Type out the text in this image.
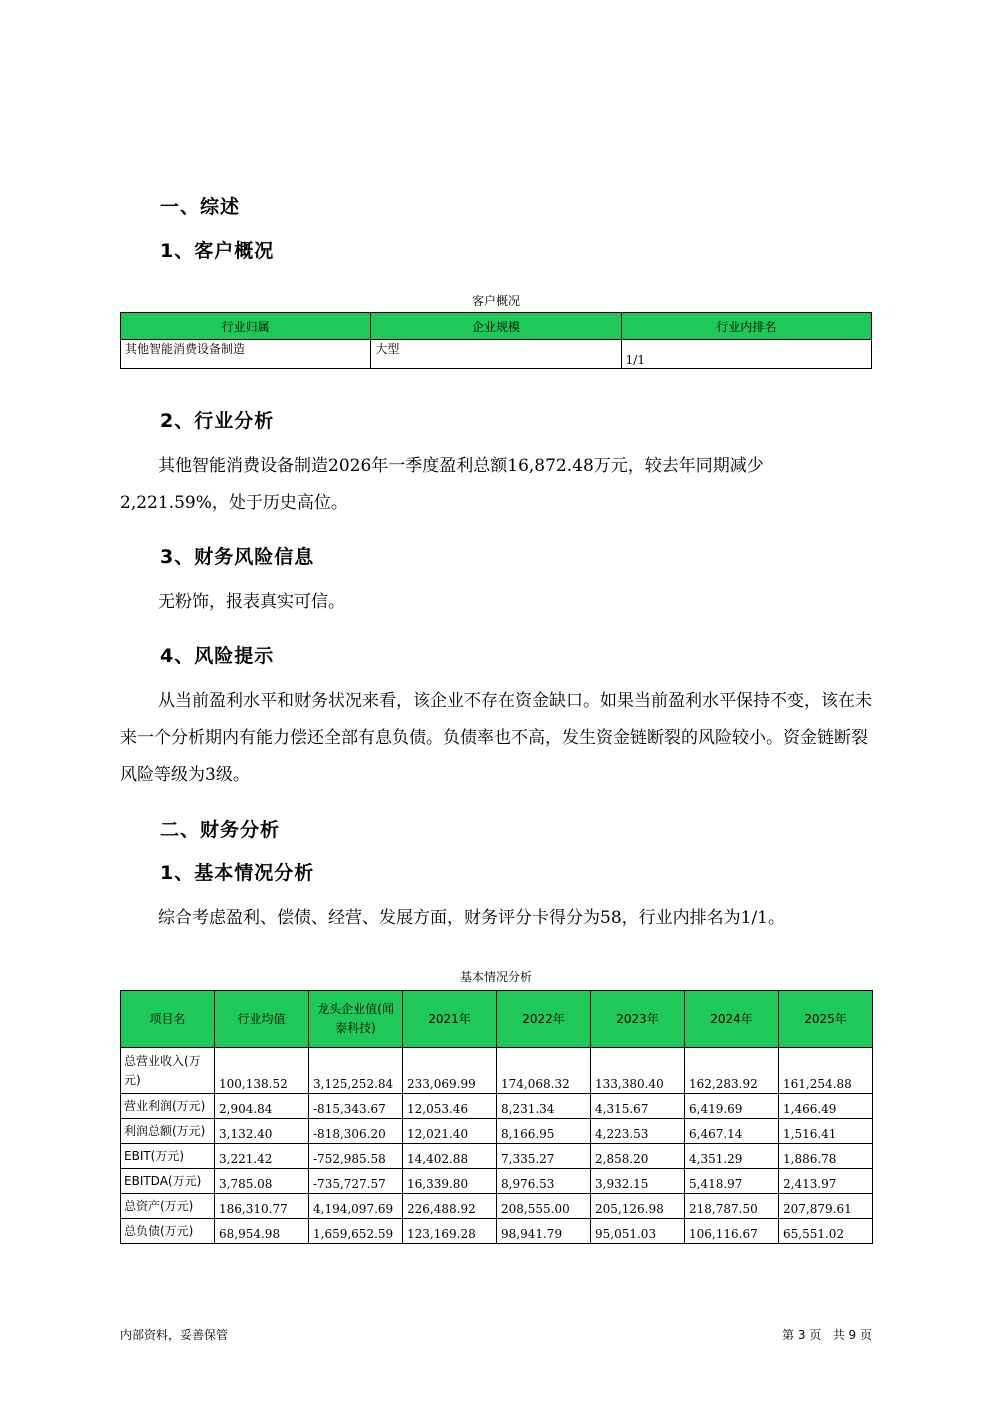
一、综述
1、客户概况
客户概况
行业归属	企业规模	行业内排名
其他智能消费设备制造	大型	1/1
2、行业分析
其他智能消费设备制造2026年一季度盈利总额16,872.48万元，较去年同期减少2,221.59%，处于历史高位。
3、财务风险信息
无粉饰，报表真实可信。
4、风险提示
从当前盈利水平和财务状况来看，该企业不存在资金缺口。如果当前盈利水平保持不变，该在未来一个分析期内有能力偿还全部有息负债。负债率也不高，发生资金链断裂的风险较小。资金链断裂风险等级为3级。
二、财务分析
1、基本情况分析
综合考虑盈利、偿债、经营、发展方面，财务评分卡得分为58，行业内排名为1/1。
基本情况分析
项目名	行业均值	龙头企业值(闻泰科技)	2021年	2022年	2023年	2024年	2025年
总营业收入(万元)	100,138.52	3,125,252.84	233,069.99	174,068.32	133,380.40	162,283.92	161,254.88
营业利润(万元)	2,904.84	-815,343.67	12,053.46	8,231.34	4,315.67	6,419.69	1,466.49
利润总额(万元)	3,132.40	-818,306.20	12,021.40	8,166.95	4,223.53	6,467.14	1,516.41
EBIT(万元)	3,221.42	-752,985.58	14,402.88	7,335.27	2,858.20	4,351.29	1,886.78
EBITDA(万元)	3,785.08	-735,727.57	16,339.80	8,976.53	3,932.15	5,418.97	2,413.97
总资产(万元)	186,310.77	4,194,097.69	226,488.92	208,555.00	205,126.98	218,787.50	207,879.61
总负债(万元)	68,954.98	1,659,652.59	123,169.28	98,941.79	95,051.03	106,116.67	65,551.02
内部资料，妥善保管	第 3 页   共 9 页
